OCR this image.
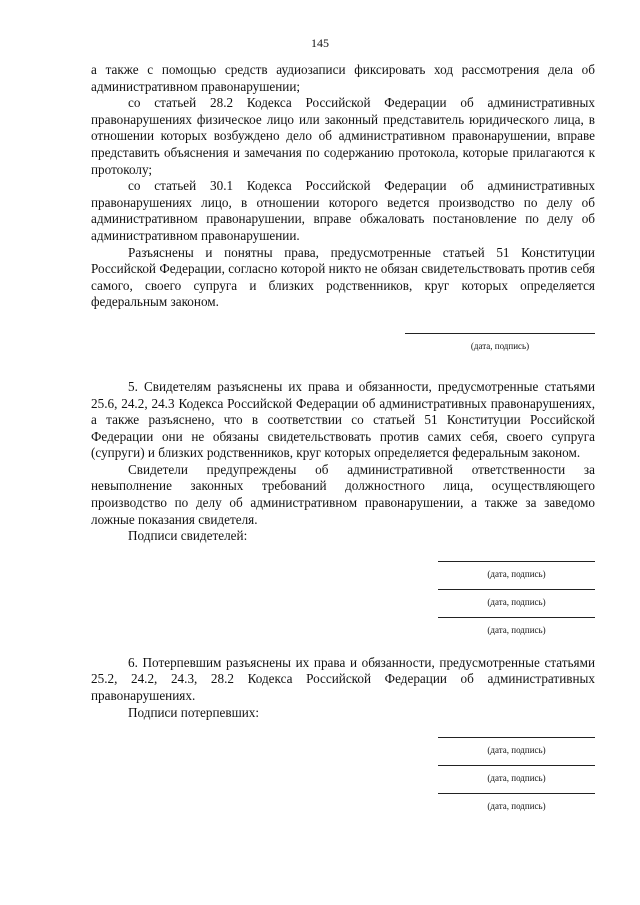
145

а также с помощью средств аудиозаписи фиксировать ход рассмотрения дела об административном правонарушении;

со статьей 28.2 Кодекса Российской Федерации об административных правонарушениях физическое лицо или законный представитель юридического лица, в отношении которых возбуждено дело об административном правонарушении, вправе представить объяснения и замечания по содержанию протокола, которые прилагаются к протоколу;

со статьей 30.1 Кодекса Российской Федерации об административных правонарушениях лицо, в отношении которого ведется производство по делу об административном правонарушении, вправе обжаловать постановление по делу об административном правонарушении.

Разъяснены и понятны права, предусмотренные статьей 51 Конституции Российской Федерации, согласно которой никто не обязан свидетельствовать против себя самого, своего супруга и близких родственников, круг которых определяется федеральным законом.

(дата, подпись)

5. Свидетелям разъяснены их права и обязанности, предусмотренные статьями 25.6, 24.2, 24.3 Кодекса Российской Федерации об административных правонарушениях, а также разъяснено, что в соответствии со статьей 51 Конституции Российской Федерации они не обязаны свидетельствовать против самих себя, своего супруга (супруги) и близких родственников, круг которых определяется федеральным законом.

Свидетели предупреждены об административной ответственности за невыполнение законных требований должностного лица, осуществляющего производство по делу об административном правонарушении, а также за заведомо ложные показания свидетеля.

Подписи свидетелей:

(дата, подпись)
(дата, подпись)
(дата, подпись)

6. Потерпевшим разъяснены их права и обязанности, предусмотренные статьями 25.2, 24.2, 24.3, 28.2 Кодекса Российской Федерации об административных правонарушениях.

Подписи потерпевших:

(дата, подпись)
(дата, подпись)
(дата, подпись)
